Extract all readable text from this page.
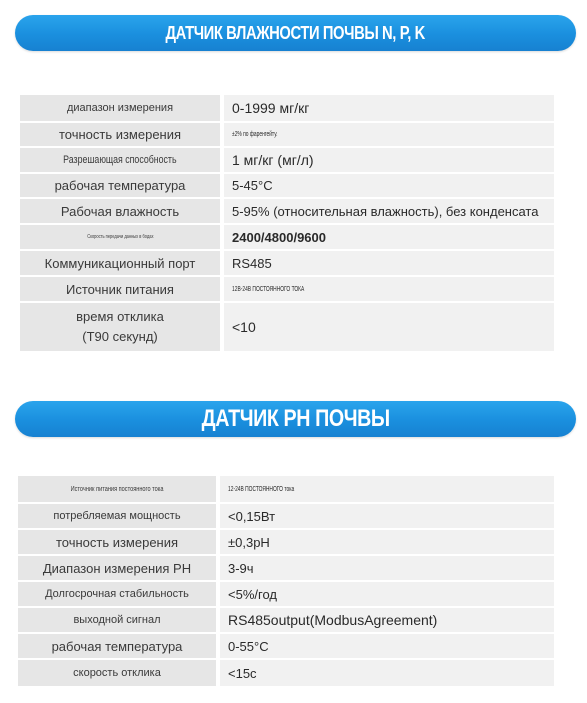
ДАТЧИК ВЛАЖНОСТИ ПОЧВЫ N, P, K
диапазон измерения	0-1999 мг/кг
точность измерения	±2% по фаренгейту.
Разрешающая способность	1 мг/кг (мг/л)
рабочая температура	5-45°C
Рабочая влажность	5-95% (относительная влажность), без конденсата
Скорость передачи данных в бодах	2400/4800/9600
Коммуникационный порт	RS485
Источник питания	12В-24В ПОСТОЯННОГО ТОКА

время отклика
(T90 секунд)	<10
ДАТЧИК PH ПОЧВЫ
Источник питания постоянного тока	12-24В ПОСТОЯННОГО тока
потребляемая мощность	<0,15Вт
точность измерения	±0,3pH
Диапазон измерения PH	3-9ч
Долгосрочная стабильность	<5%/год
выходной сигнал	RS485output(ModbusAgreement)
рабочая температура	0-55°C
скорость отклика	<15с
